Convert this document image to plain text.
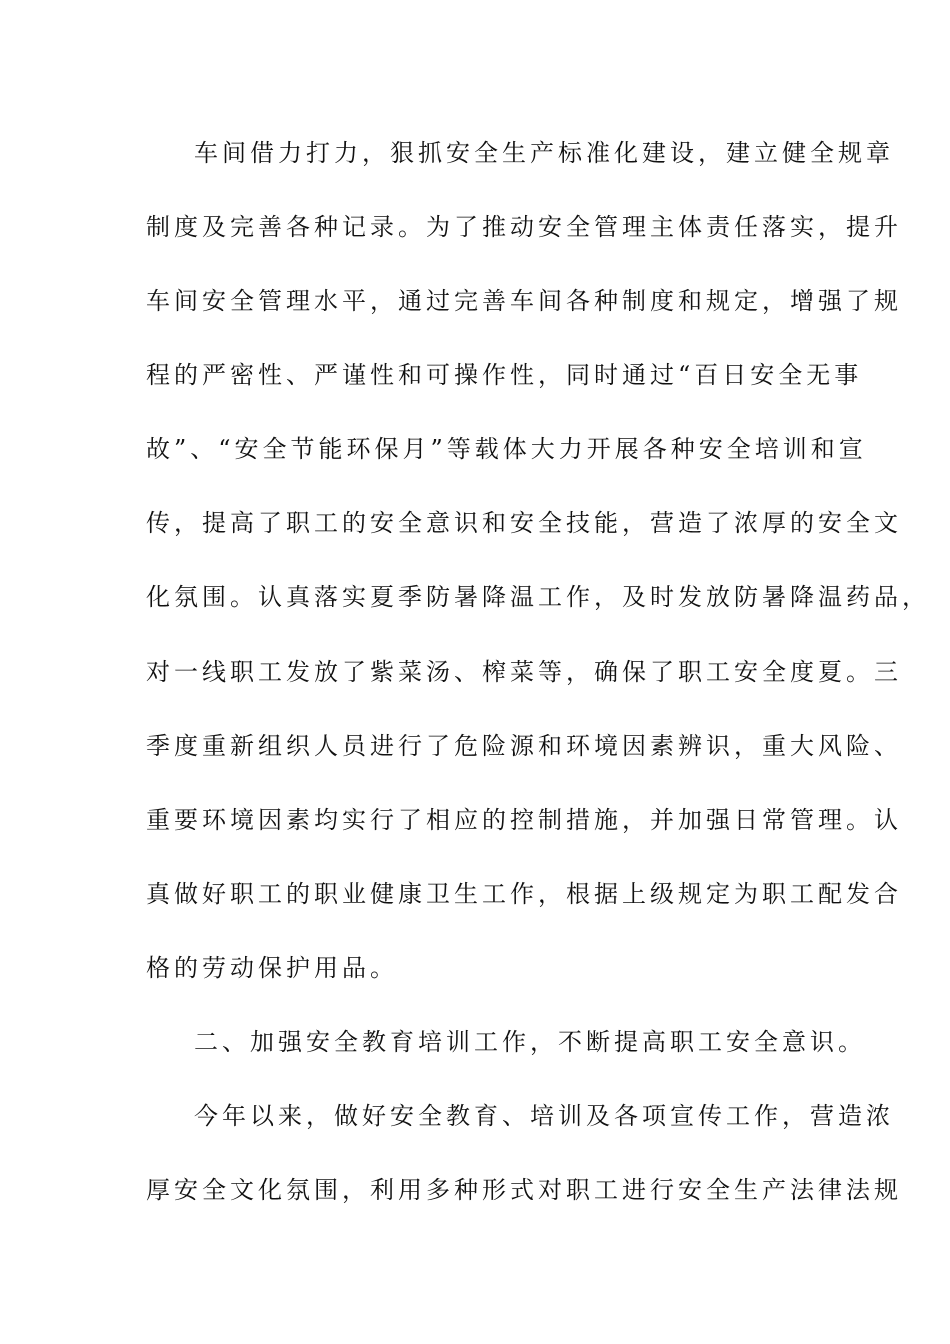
车间借力打力，狠抓安全生产标准化建设，建立健全规章
制度及完善各种记录。为了推动安全管理主体责任落实，提升
车间安全管理水平，通过完善车间各种制度和规定，增强了规
程的严密性、严谨性和可操作性，同时通过“百日安全无事
故”、“安全节能环保月”等载体大力开展各种安全培训和宣
传，提高了职工的安全意识和安全技能，营造了浓厚的安全文
化氛围。认真落实夏季防暑降温工作，及时发放防暑降温药品，
对一线职工发放了紫菜汤、榨菜等，确保了职工安全度夏。三
季度重新组织人员进行了危险源和环境因素辨识，重大风险、
重要环境因素均实行了相应的控制措施，并加强日常管理。认
真做好职工的职业健康卫生工作，根据上级规定为职工配发合
格的劳动保护用品。
二、加强安全教育培训工作，不断提高职工安全意识。
今年以来，做好安全教育、培训及各项宣传工作，营造浓
厚安全文化氛围，利用多种形式对职工进行安全生产法律法规
